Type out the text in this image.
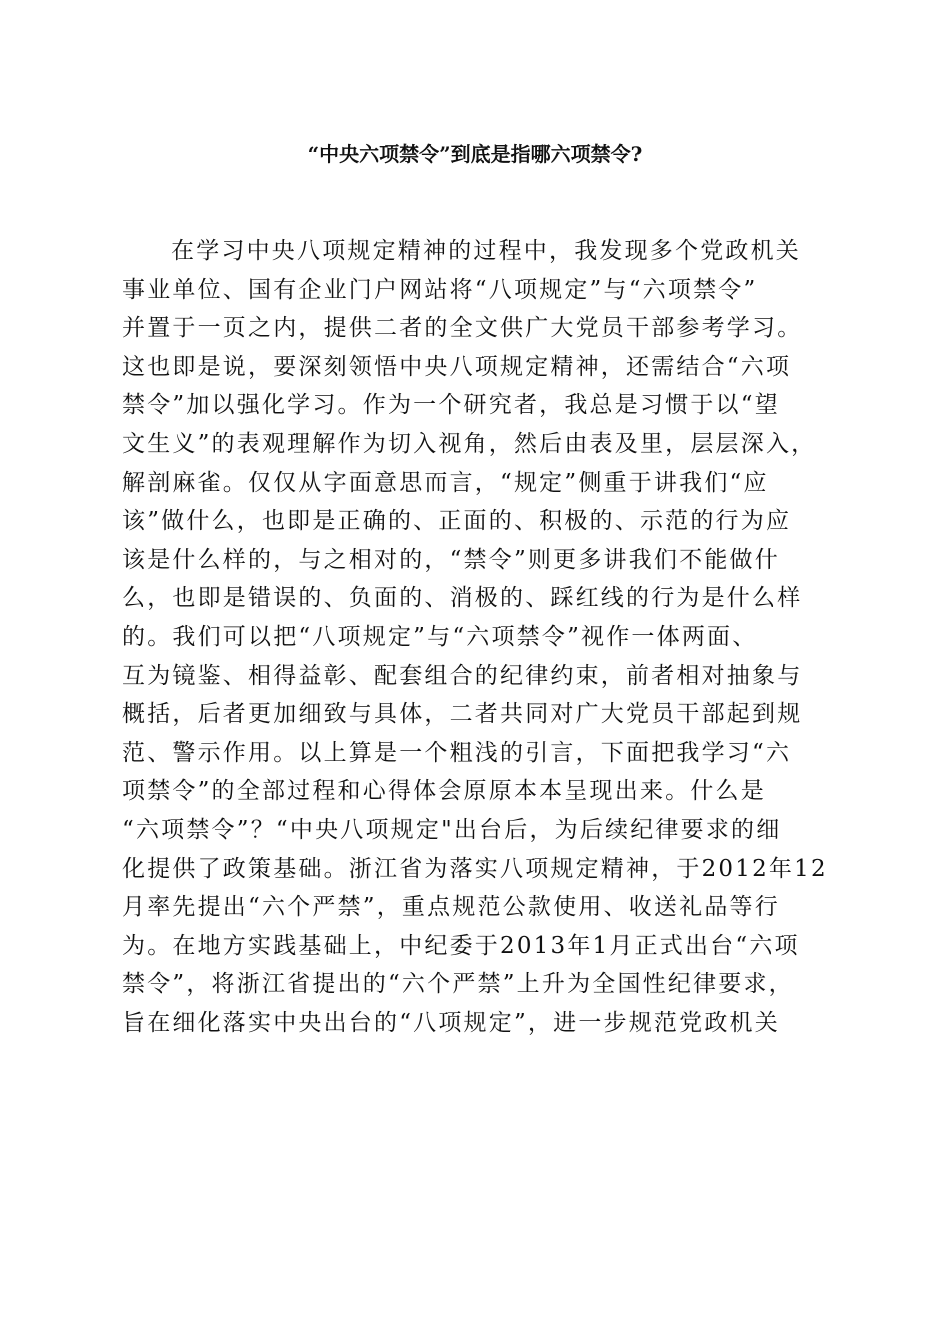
“中央六项禁令”到底是指哪六项禁令?
在学习中央八项规定精神的过程中，我发现多个党政机关
事业单位、国有企业门户网站将“八项规定”与“六项禁令”
并置于一页之内，提供二者的全文供广大党员干部参考学习。
这也即是说，要深刻领悟中央八项规定精神，还需结合“六项
禁令”加以强化学习。作为一个研究者，我总是习惯于以“望
文生义”的表观理解作为切入视角，然后由表及里，层层深入，
解剖麻雀。仅仅从字面意思而言，“规定”侧重于讲我们“应
该”做什么，也即是正确的、正面的、积极的、示范的行为应
该是什么样的，与之相对的，“禁令”则更多讲我们不能做什
么，也即是错误的、负面的、消极的、踩红线的行为是什么样
的。我们可以把“八项规定”与“六项禁令”视作一体两面、
互为镜鉴、相得益彰、配套组合的纪律约束，前者相对抽象与
概括，后者更加细致与具体，二者共同对广大党员干部起到规
范、警示作用。以上算是一个粗浅的引言，下面把我学习“六
项禁令”的全部过程和心得体会原原本本呈现出来。什么是
“六项禁令”？“中央八项规定"出台后，为后续纪律要求的细
化提供了政策基础。浙江省为落实八项规定精神，于2012年12
月率先提出“六个严禁”，重点规范公款使用、收送礼品等行
为。在地方实践基础上，中纪委于2013年1月正式出台“六项
禁令”，将浙江省提出的“六个严禁”上升为全国性纪律要求，
旨在细化落实中央出台的“八项规定”，进一步规范党政机关
